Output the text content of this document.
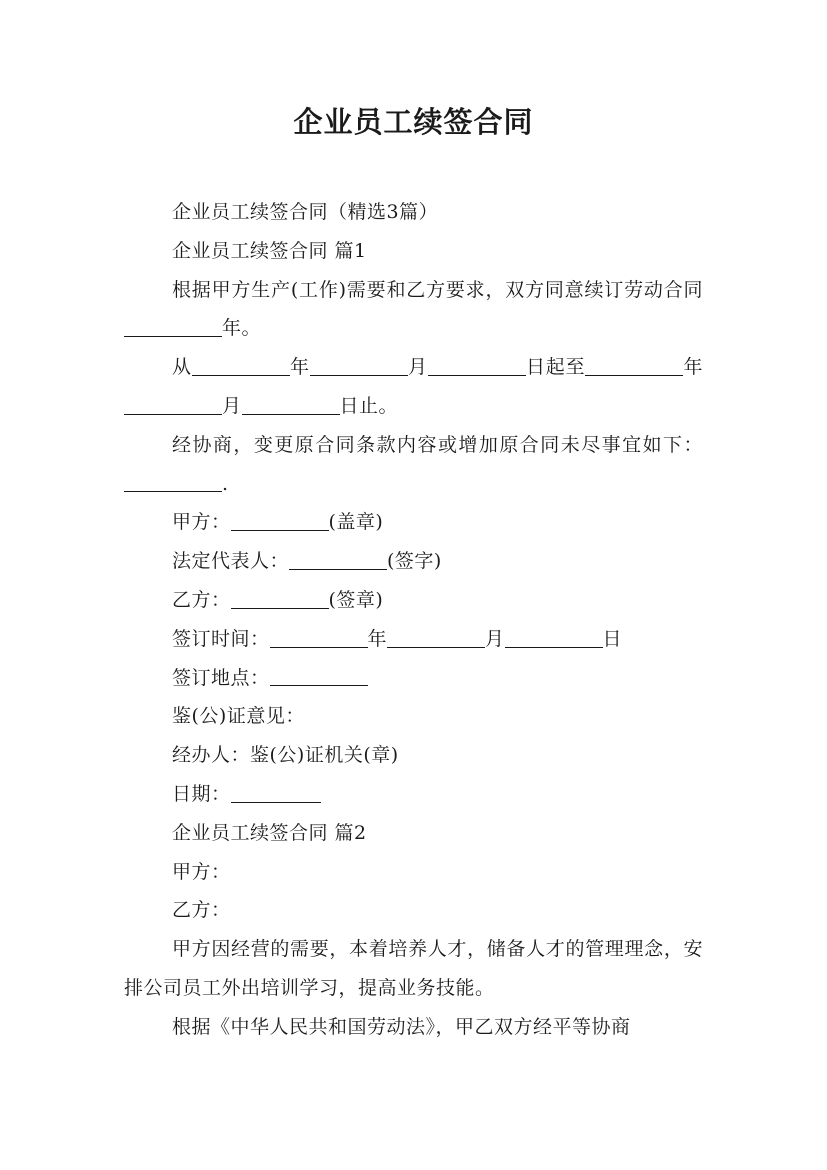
企业员工续签合同

企业员工续签合同（精选3篇）

企业员工续签合同 篇1

根据甲方生产(工作)需要和乙方要求，双方同意续订劳动合同年。

从	年	月	日起至	年月	日止。

经协商，变更原合同条款内容或增加原合同未尽事宜如下：.

甲方：	(盖章)

法定代表人：	(签字)

乙方：	(签章)

签订时间：	年	月	日

签订地点：

鉴(公)证意见：

经办人：鉴(公)证机关(章)

日期：

企业员工续签合同 篇2

甲方：

乙方：

甲方因经营的需要，本着培养人才，储备人才的管理理念，安排公司员工外出培训学习，提高业务技能。

根据《中华人民共和国劳动法》，甲乙双方经平等协商
